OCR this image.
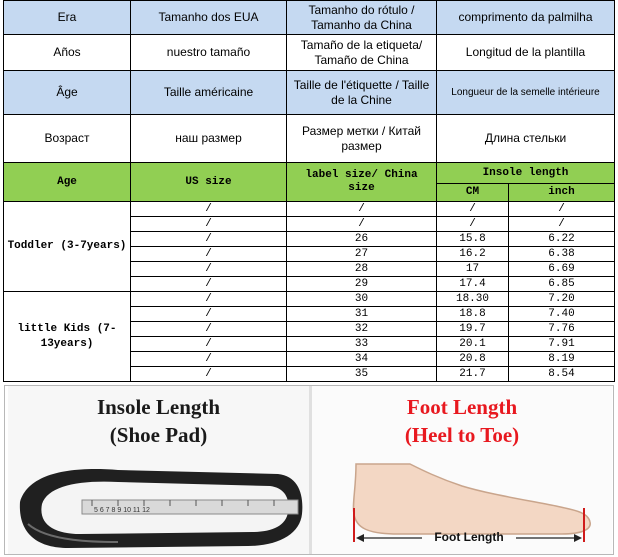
Era	Tamanho dos EUA	Tamanho do rótulo / Tamanho da China	comprimento da palmilha	
Años	nuestro tamaño	Tamaño de la etiqueta/ Tamaño de China	Longitud de la plantilla	
Âge	Taille américaine	Taille de l'étiquette / Taille de la Chine	Longueur de la semelle intérieure	
Возраст	наш размер	Размер метки / Китай размер	Длина стельки	
Age	US size	label size/ China size	Insole length	
			CM	inch
Toddler (3-7years)	/	/	/	/
	/	/	/	/
	/	26	15.8	6.22
	/	27	16.2	6.38
	/	28	17	6.69
	/	29	17.4	6.85
little Kids (7-13years)	/	30	18.30	7.20
	/	31	18.8	7.40
	/	32	19.7	7.76
	/	33	20.1	7.91
	/	34	20.8	8.19
	/	35	21.7	8.54
Insole Length
(Shoe Pad)
5 6 7 8 9 10 11 12
Foot Length
(Heel to Toe)
Foot Length
